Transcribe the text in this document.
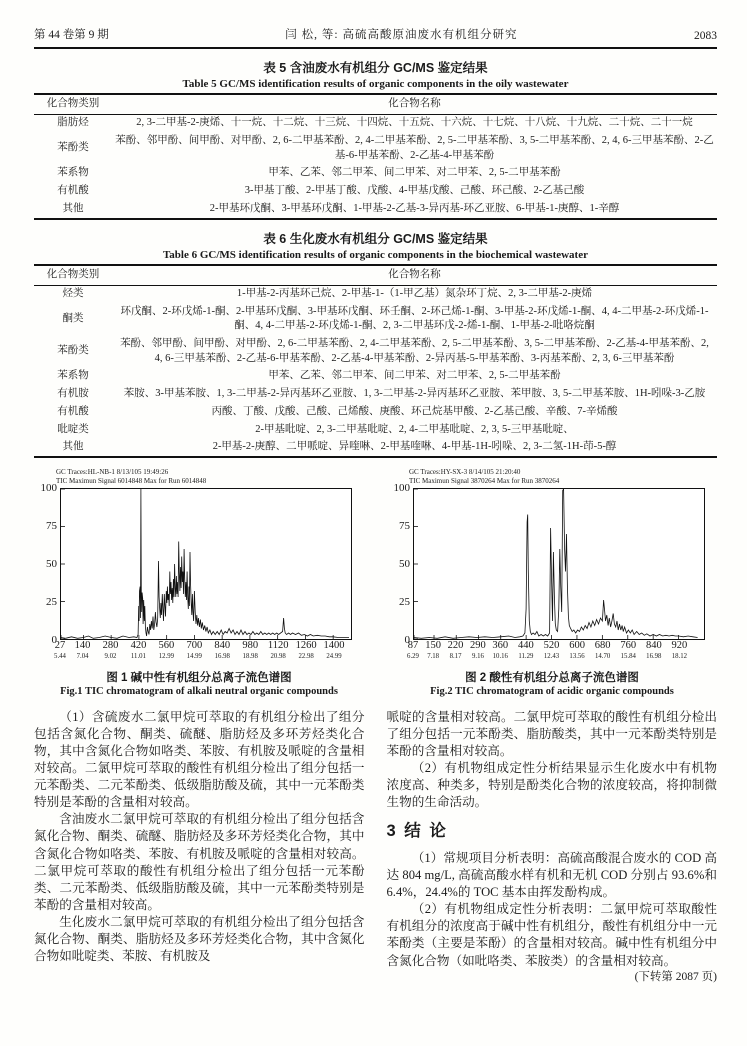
第 44 卷第 9 期	闫 松, 等: 高硫高酸原油废水有机组分研究	2083
表 5 含油废水有机组分 GC/MS 鉴定结果
Table 5 GC/MS identification results of organic components in the oily wastewater
化合物类别	化合物名称
脂肪烃	2, 3-二甲基-2-庚烯、十一烷、十二烷、十三烷、十四烷、十五烷、十六烷、十七烷、十八烷、十九烷、二十烷、二十一烷
苯酚类	苯酚、邻甲酚、间甲酚、对甲酚、2, 6-二甲基苯酚、2, 4-二甲基苯酚、2, 5-二甲基苯酚、3, 5-二甲基苯酚、2, 4, 6-三甲基苯酚、2-乙基-6-甲基苯酚、2-乙基-4-甲基苯酚
苯系物	甲苯、乙苯、邻二甲苯、间二甲苯、对二甲苯、2, 5-二甲基苯酚
有机酸	3-甲基丁酸、2-甲基丁酸、戊酸、4-甲基戊酸、己酸、环己酸、2-乙基己酸
其他	2-甲基环戊酮、3-甲基环戊酮、1-甲基-2-乙基-3-异丙基-环乙亚胺、6-甲基-1-庚醇、1-辛醇
表 6 生化废水有机组分 GC/MS 鉴定结果
Table 6 GC/MS identification results of organic components in the biochemical wastewater
化合物类别	化合物名称
烃类	1-甲基-2-丙基环己烷、2-甲基-1-（1-甲乙基）氮杂环丁烷、2, 3-二甲基-2-庚烯
酮类	环戊酮、2-环戊烯-1-酮、2-甲基环戊酮、3-甲基环戊酮、环壬酮、2-环己烯-1-酮、3-甲基-2-环戊烯-1-酮、4, 4-二甲基-2-环戊烯-1-酮、4, 4-二甲基-2-环戊烯-1-酮、2, 3-二甲基环戊-2-烯-1-酮、1-甲基-2-吡咯烷酮
苯酚类	苯酚、邻甲酚、间甲酚、对甲酚、2, 6-二甲基苯酚、2, 4-二甲基苯酚、2, 5-二甲基苯酚、3, 5-二甲基苯酚、2-乙基-4-甲基苯酚、2, 4, 6-三甲基苯酚、2-乙基-6-甲基苯酚、2-乙基-4-甲基苯酚、2-异丙基-5-甲基苯酚、3-丙基苯酚、2, 3, 6-三甲基苯酚
苯系物	甲苯、乙苯、邻二甲苯、间二甲苯、对二甲苯、2, 5-二甲基苯酚
有机胺	苯胺、3-甲基苯胺、1, 3-二甲基-2-异丙基环乙亚胺、1, 3-二甲基-2-异丙基环乙亚胺、苯甲胺、3, 5-二甲基苯胺、1H-吲哚-3-乙胺
有机酸	丙酸、丁酸、戊酸、己酸、己烯酸、庚酸、环己烷基甲酸、2-乙基己酸、辛酸、7-辛烯酸
吡啶类	2-甲基吡啶、2, 3-二甲基吡啶、2, 4-二甲基吡啶、2, 3, 5-三甲基吡啶、
其他	2-甲基-2-庚醇、二甲哌啶、异喹啉、2-甲基喹啉、4-甲基-1H-吲哚、2, 3-二氢-1H-茚-5-醇
GC Traces:HL-NB-1 8/13/105 19:49:26
TIC Maximun Signal 6014848 Max for Run 6014848
100
75
50
25
0
27 140 280 420 560 700 840 980 1120 1260 1400
5.44 7.04 9.02 11.01 12.99 14.99 16.98 18.98 20.98 22.98 24.99
图 1 碱中性有机组分总离子流色谱图
Fig.1 TIC chromatogram of alkali neutral organic compounds
GC Traces:HY-SX-3 8/14/105 21:20:40
TIC Maximun Signal 3870264 Max for Run 3870264
100
75
50
25
0
87 150 220 290 360 440 520 600 680 760 840 920
6.29 7.18 8.17 9.16 10.16 11.29 12.43 13.56 14.70 15.84 16.98 18.12
图 2 酸性有机组分总离子流色谱图
Fig.2 TIC chromatogram of acidic organic compounds

（1）含硫废水二氯甲烷可萃取的有机组分检出了组分包括含氮化合物、酮类、硫醚、脂肪烃及多环芳烃类化合物，其中含氮化合物如咯类、苯胺、有机胺及哌啶的含量相对较高。二氯甲烷可萃取的酸性有机组分检出了组分包括一元苯酚类、二元苯酚类、低级脂肪酸及硫，其中一元苯酚类特别是苯酚的含量相对较高。

含油废水二氯甲烷可萃取的有机组分检出了组分包括含氮化合物、酮类、硫醚、脂肪烃及多环芳烃类化合物，其中含氮化合物如咯类、苯胺、有机胺及哌啶的含量相对较高。二氯甲烷可萃取的酸性有机组分检出了组分包括一元苯酚类、二元苯酚类、低级脂肪酸及硫，其中一元苯酚类特别是苯酚的含量相对较高。

生化废水二氯甲烷可萃取的有机组分检出了组分包括含氮化合物、酮类、脂肪烃及多环芳烃类化合物，其中含氮化合物如吡啶类、苯胺、有机胺及

哌啶的含量相对较高。二氯甲烷可萃取的酸性有机组分检出了组分包括一元苯酚类、脂肪酸类，其中一元苯酚类特别是苯酚的含量相对较高。

（2）有机物组成定性分析结果显示生化废水中有机物浓度高、种类多，特别是酚类化合物的浓度较高，将抑制微生物的生命活动。

3 结 论

（1）常规项目分析表明：高硫高酸混合废水的 COD 高达 804 mg/L, 高硫高酸水样有机和无机 COD 分别占 93.6%和 6.4%，24.4%的 TOC 基本由挥发酚构成。

（2）有机物组成定性分析表明：二氯甲烷可萃取酸性有机组分的浓度高于碱中性有机组分，酸性有机组分中一元苯酚类（主要是苯酚）的含量相对较高。碱中性有机组分中含氮化合物（如吡咯类、苯胺类）的含量相对较高。
(下转第 2087 页)
